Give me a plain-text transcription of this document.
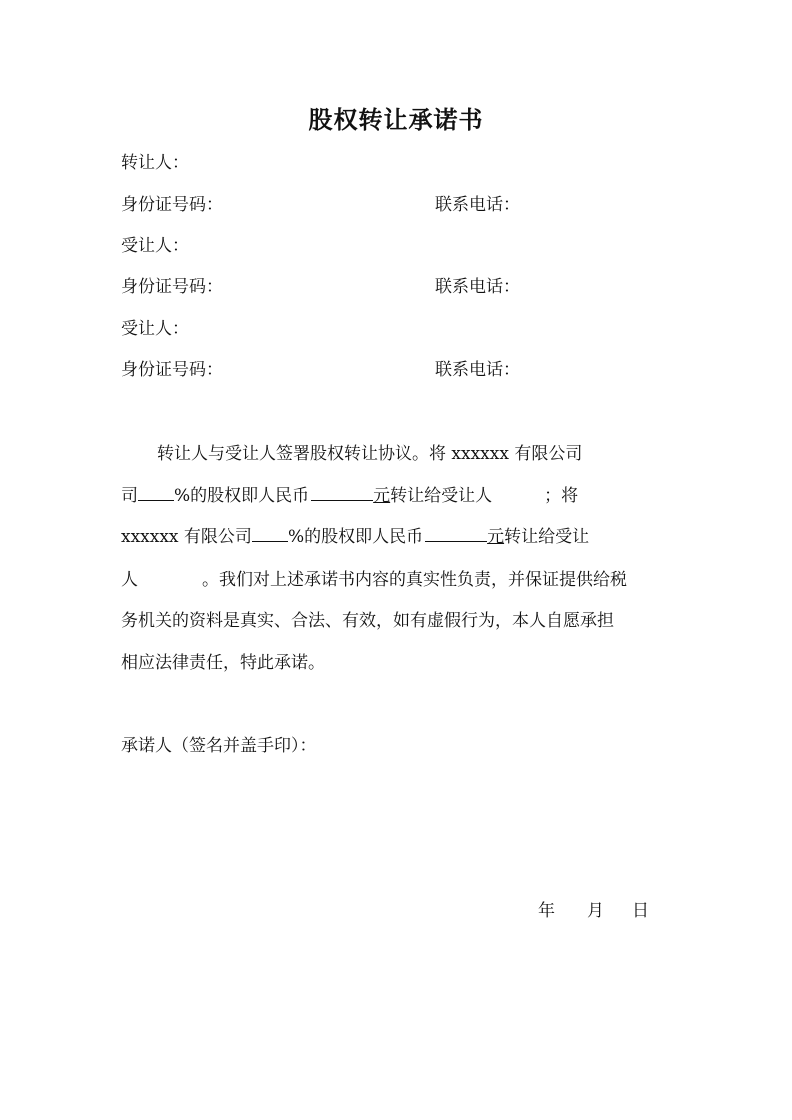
股权转让承诺书
转让人：
身份证号码：	联系电话：
受让人：
身份证号码：	联系电话：
受让人：
身份证号码：	联系电话：
转让人与受让人签署股权转让协议。将 xxxxxx 有限公司
司 %的股权即人民币	元转让给受让人	；将
xxxxxx 有限公司 %的股权即人民币	元转让给受让
人	。我们对上述承诺书内容的真实性负责，并保证提供给税
务机关的资料是真实、合法、有效，如有虚假行为，本人自愿承担
相应法律责任，特此承诺。
承诺人（签名并盖手印）：
年 月 日
